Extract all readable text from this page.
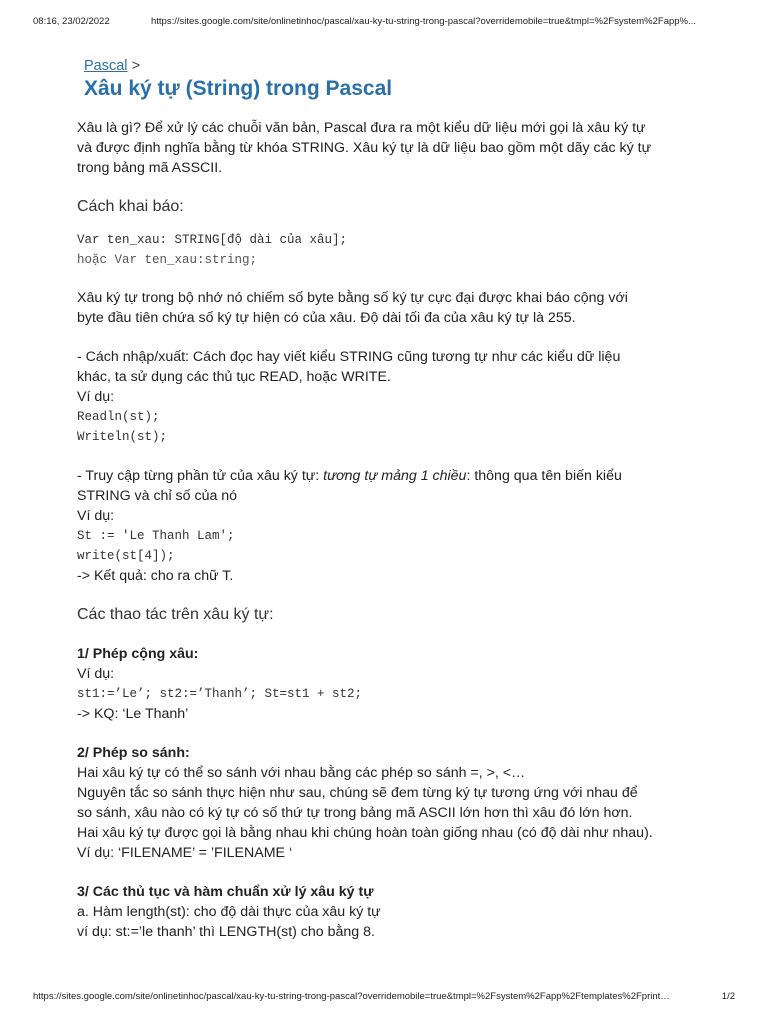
08:16, 23/02/2022	https://sites.google.com/site/onlinetinhoc/pascal/xau-ky-tu-string-trong-pascal?overridemobile=true&tmpl=%2Fsystem%2Fapp%...
Pascal >
Xâu ký tự (String) trong Pascal

Xâu là gì? Để xử lý các chuỗi văn bản, Pascal đưa ra một kiểu dữ liệu mới gọi là xâu ký tự

và được định nghĩa bằng từ khóa STRING. Xâu ký tự là dữ liệu bao gồm một dãy các ký tự

trong bảng mã ASSCII.

Cách khai báo:

Var ten_xau: STRING[độ dài của xâu];

hoặc Var ten_xau:string;

Xâu ký tự trong bộ nhớ nó chiếm số byte bằng số ký tự cực đại được khai báo cộng với

byte đầu tiên chứa số ký tự hiện có của xâu. Độ dài tối đa của xâu ký tự là 255.

- Cách nhập/xuất: Cách đọc hay viết kiểu STRING cũng tương tự như các kiểu dữ liệu

khác, ta sử dụng các thủ tục READ, hoặc WRITE.

Ví dụ:

Readln(st);

Writeln(st);

- Truy cập từng phần tử của xâu ký tự: tương tự mảng 1 chiều: thông qua tên biến kiểu

STRING và chỉ số của nó

Ví dụ:

St := 'Le Thanh Lam';

write(st[4]);

-> Kết quả: cho ra chữ T.

Các thao tác trên xâu ký tự:

1/ Phép cộng xâu:

Ví dụ:

st1:=’Le’; st2:=’Thanh’; St=st1 + st2;

-> KQ: ‘Le Thanh’

2/ Phép so sánh:

Hai xâu ký tự có thể so sánh với nhau bằng các phép so sánh =, >, <…

Nguyên tắc so sánh thực hiện như sau, chúng sẽ đem từng ký tự tương ứng với nhau để

so sánh, xâu nào có ký tự có số thứ tự trong bảng mã ASCII lớn hơn thì xâu đó lớn hơn.

Hai xâu ký tự được gọi là bằng nhau khi chúng hoàn toàn giống nhau (có độ dài như nhau).

Ví dụ: ‘FILENAME’ = ’FILENAME ‘

3/ Các thủ tục và hàm chuẩn xử lý xâu ký tự

a. Hàm length(st): cho độ dài thực của xâu ký tự

ví dụ: st:=’le thanh’ thì LENGTH(st) cho bằng 8.

https://sites.google.com/site/onlinetinhoc/pascal/xau-ky-tu-string-trong-pascal?overridemobile=true&tmpl=%2Fsystem%2Fapp%2Ftemplates%2Fprint…	1/2
